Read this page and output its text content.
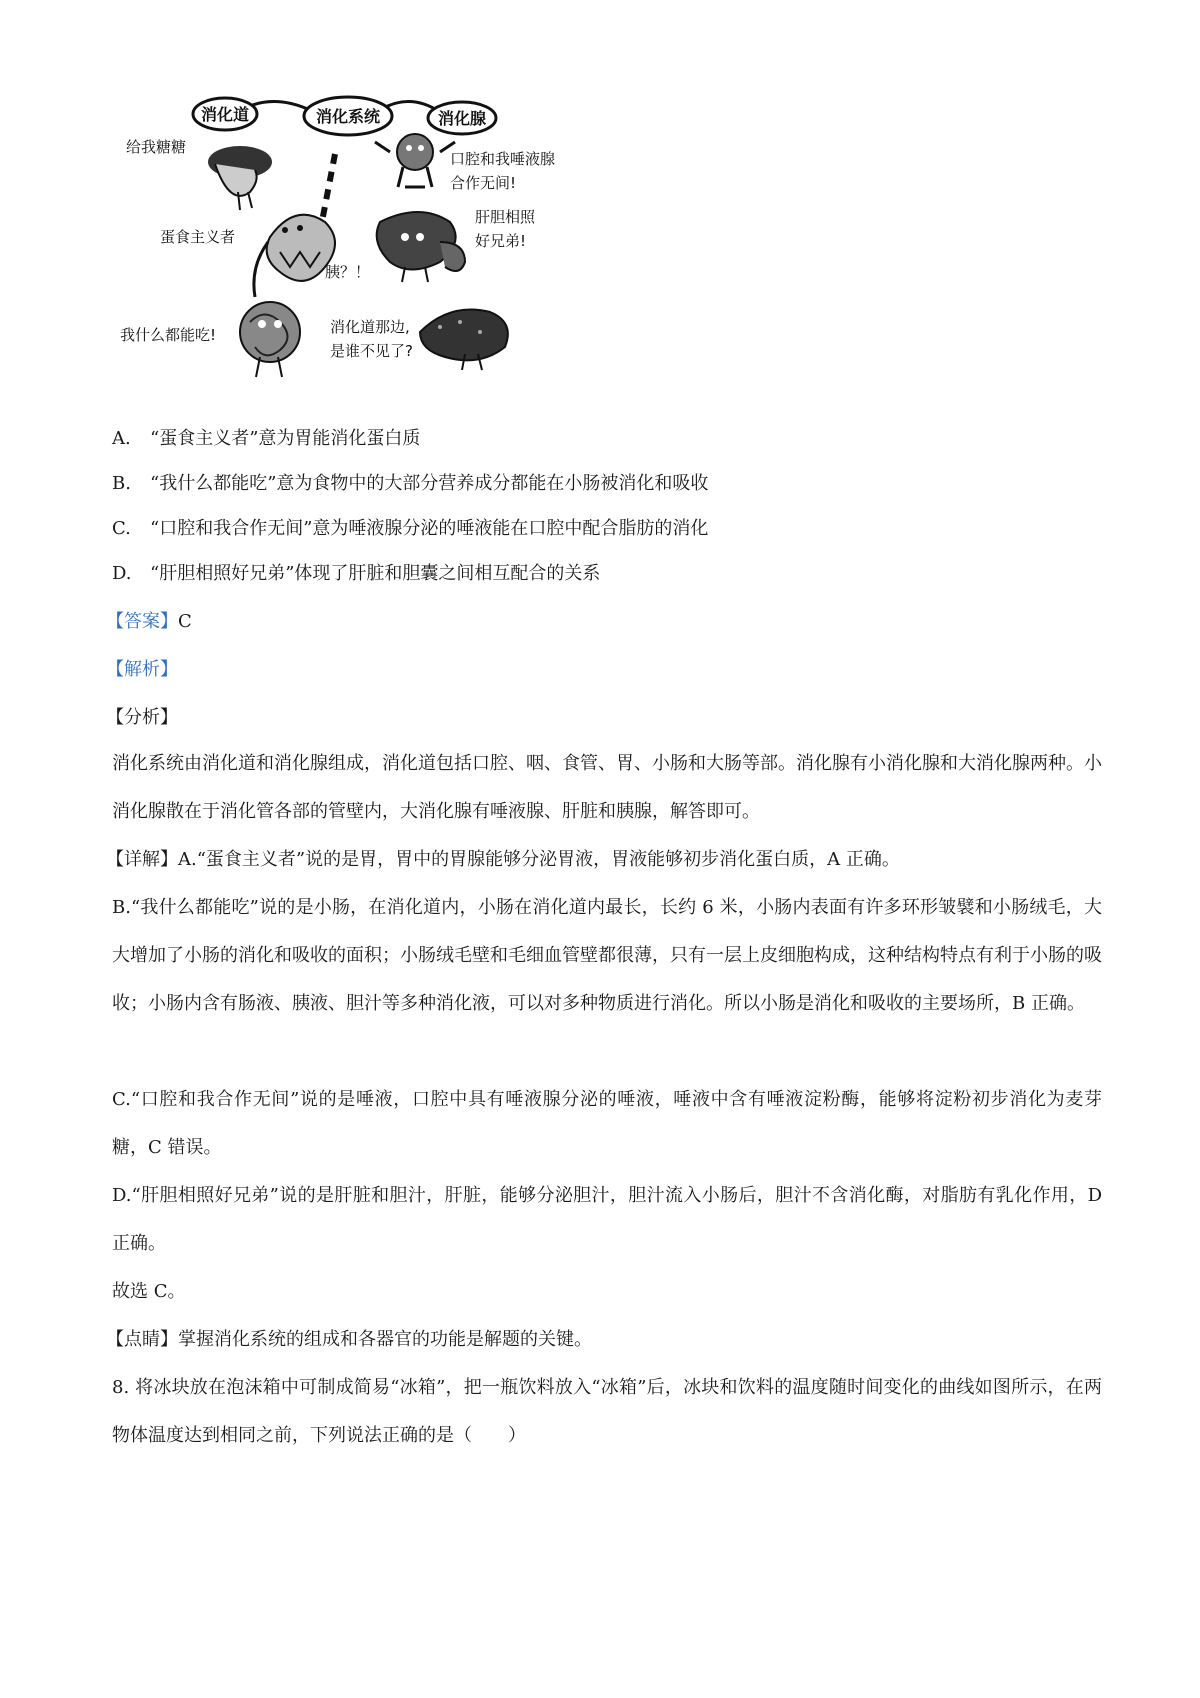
消化道	消化系统	消化腺
给我糖糖
蛋食主义者
胰？！
我什么都能吃!
口腔和我唾液腺
合作无间!
肝胆相照
好兄弟!
消化道那边,
是谁不见了?
A. “蛋食主义者”意为胃能消化蛋白质
B. “我什么都能吃”意为食物中的大部分营养成分都能在小肠被消化和吸收
C. “口腔和我合作无间”意为唾液腺分泌的唾液能在口腔中配合脂肪的消化
D. “肝胆相照好兄弟”体现了肝脏和胆囊之间相互配合的关系
【答案】C
【解析】
【分析】
消化系统由消化道和消化腺组成，消化道包括口腔、咽、食管、胃、小肠和大肠等部。消化腺有小消化腺和大消化腺两种。小消化腺散在于消化管各部的管壁内，大消化腺有唾液腺、肝脏和胰腺，解答即可。
【详解】A.“蛋食主义者”说的是胃，胃中的胃腺能够分泌胃液，胃液能够初步消化蛋白质，A 正确。
B.“我什么都能吃”说的是小肠，在消化道内，小肠在消化道内最长，长约 6 米，小肠内表面有许多环形皱襞和小肠绒毛，大大增加了小肠的消化和吸收的面积；小肠绒毛壁和毛细血管壁都很薄，只有一层上皮细胞构成，这种结构特点有利于小肠的吸收；小肠内含有肠液、胰液、胆汁等多种消化液，可以对多种物质进行消化。所以小肠是消化和吸收的主要场所，B 正确。
C.“口腔和我合作无间”说的是唾液，口腔中具有唾液腺分泌的唾液，唾液中含有唾液淀粉酶，能够将淀粉初步消化为麦芽糖，C 错误。
D.“肝胆相照好兄弟”说的是肝脏和胆汁，肝脏，能够分泌胆汁，胆汁流入小肠后，胆汁不含消化酶，对脂肪有乳化作用，D 正确。
故选 C。
【点睛】掌握消化系统的组成和各器官的功能是解题的关键。
8. 将冰块放在泡沫箱中可制成简易“冰箱”，把一瓶饮料放入“冰箱”后，冰块和饮料的温度随时间变化的曲线如图所示，在两物体温度达到相同之前，下列说法正确的是（　　）
